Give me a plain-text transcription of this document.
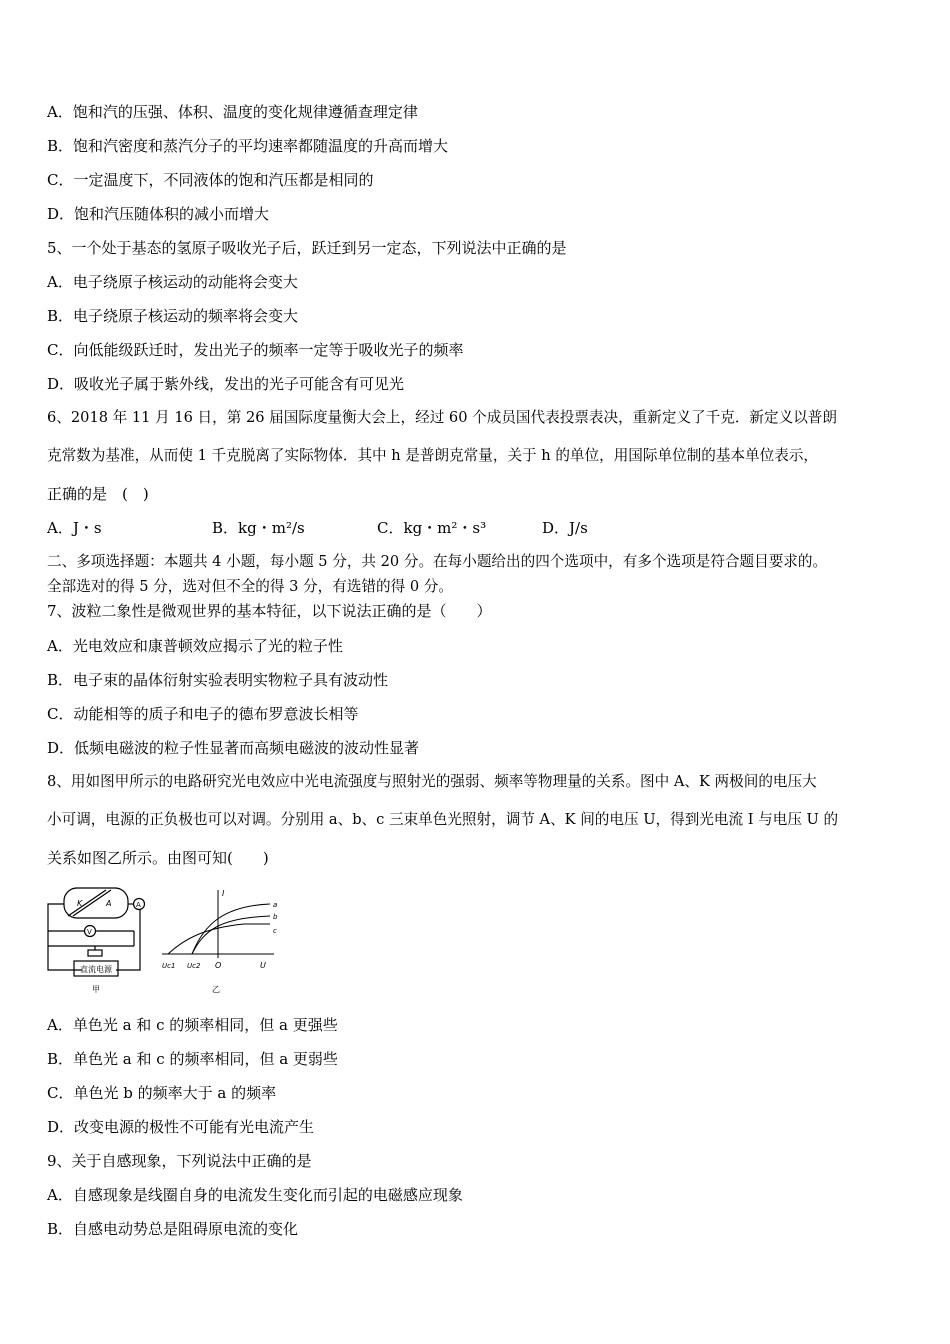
A．饱和汽的压强、体积、温度的变化规律遵循查理定律
B．饱和汽密度和蒸汽分子的平均速率都随温度的升高而增大
C．一定温度下，不同液体的饱和汽压都是相同的
D．饱和汽压随体积的减小而增大
5、一个处于基态的氢原子吸收光子后，跃迁到另一定态，下列说法中正确的是
A．电子绕原子核运动的动能将会变大
B．电子绕原子核运动的频率将会变大
C．向低能级跃迁时，发出光子的频率一定等于吸收光子的频率
D．吸收光子属于紫外线，发出的光子可能含有可见光
6、2018 年 11 月 16 日，第 26 届国际度量衡大会上，经过 60 个成员国代表投票表决，重新定义了千克．新定义以普朗
克常数为基准，从而使 1 千克脱离了实际物体．其中 h 是普朗克常量，关于 h 的单位，用国际单位制的基本单位表示，
正确的是　(　)
A．J・s	B．kg・m²/s	C．kg・m²・s³	D．J/s
二、多项选择题：本题共 4 小题，每小题 5 分，共 20 分。在每小题给出的四个选项中，有多个选项是符合题目要求的。
全部选对的得 5 分，选对但不全的得 3 分，有选错的得 0 分。
7、波粒二象性是微观世界的基本特征，以下说法正确的是（　　）
A．光电效应和康普顿效应揭示了光的粒子性
B．电子束的晶体衍射实验表明实物粒子具有波动性
C．动能相等的质子和电子的德布罗意波长相等
D．低频电磁波的粒子性显著而高频电磁波的波动性显著
8、用如图甲所示的电路研究光电效应中光电流强度与照射光的强弱、频率等物理量的关系。图中 A、K 两极间的电压大
小可调，电源的正负极也可以对调。分别用 a、b、c 三束单色光照射，调节 A、K 间的电压 U，得到光电流 I 与电压 U 的
关系如图乙所示。由图可知(　　)
K	A	A
V
直流电源
甲
I
U
O
Uc1 Uc2
a
b
c
乙
A．单色光 a 和 c 的频率相同，但 a 更强些
B．单色光 a 和 c 的频率相同，但 a 更弱些
C．单色光 b 的频率大于 a 的频率
D．改变电源的极性不可能有光电流产生
9、关于自感现象，下列说法中正确的是
A．自感现象是线圈自身的电流发生变化而引起的电磁感应现象
B．自感电动势总是阻碍原电流的变化
